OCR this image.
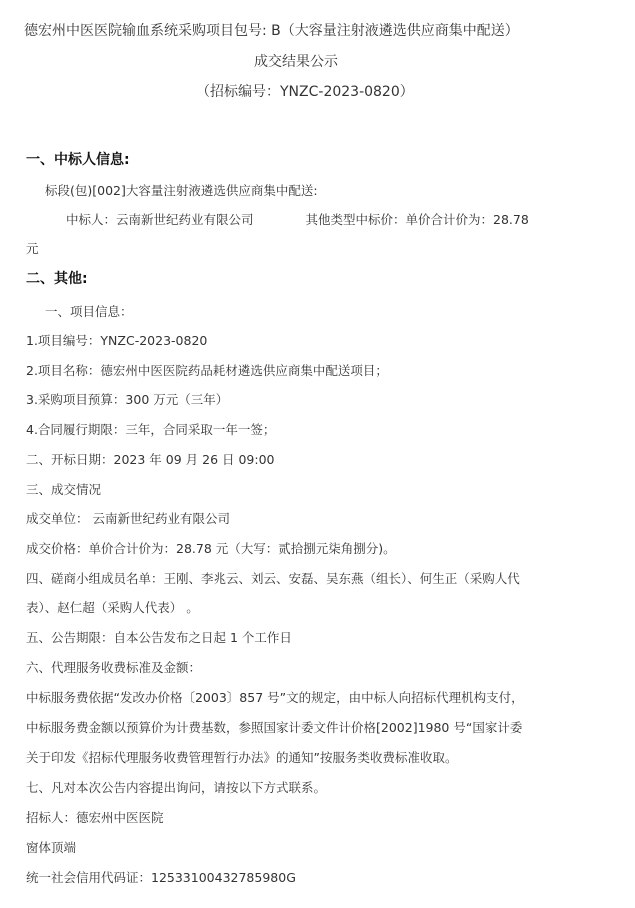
德宏州中医医院输血系统采购项目包号: B（大容量注射液遴选供应商集中配送）
成交结果公示
（招标编号：YNZC-2023-0820）
一、中标人信息:
标段(包)[002]大容量注射液遴选供应商集中配送:
中标人：云南新世纪药业有限公司	其他类型中标价：单价合计价为：28.78
元
二、其他:
一、项目信息：
1.项目编号：YNZC-2023-0820
2.项目名称：德宏州中医医院药品耗材遴选供应商集中配送项目；
3.采购项目预算：300 万元（三年）
4.合同履行期限：三年，合同采取一年一签；
二、开标日期：2023 年 09 月 26 日 09:00
三、成交情况
成交单位： 云南新世纪药业有限公司
成交价格：单价合计价为：28.78 元（大写：贰拾捌元柒角捌分)。
四、磋商小组成员名单：王刚、李兆云、刘云、安磊、吴东燕（组长）、何生正（采购人代
表）、赵仁超（采购人代表） 。
五、公告期限：自本公告发布之日起 1 个工作日
六、代理服务收费标准及金额：
中标服务费依据“发改办价格〔2003〕857 号”文的规定，由中标人向招标代理机构支付，
中标服务费金额以预算价为计费基数，参照国家计委文件计价格[2002]1980 号“国家计委
关于印发《招标代理服务收费管理暂行办法》的通知”按服务类收费标准收取。
七、凡对本次公告内容提出询问，请按以下方式联系。
招标人：德宏州中医医院
窗体顶端
统一社会信用代码证：12533100432785980G
